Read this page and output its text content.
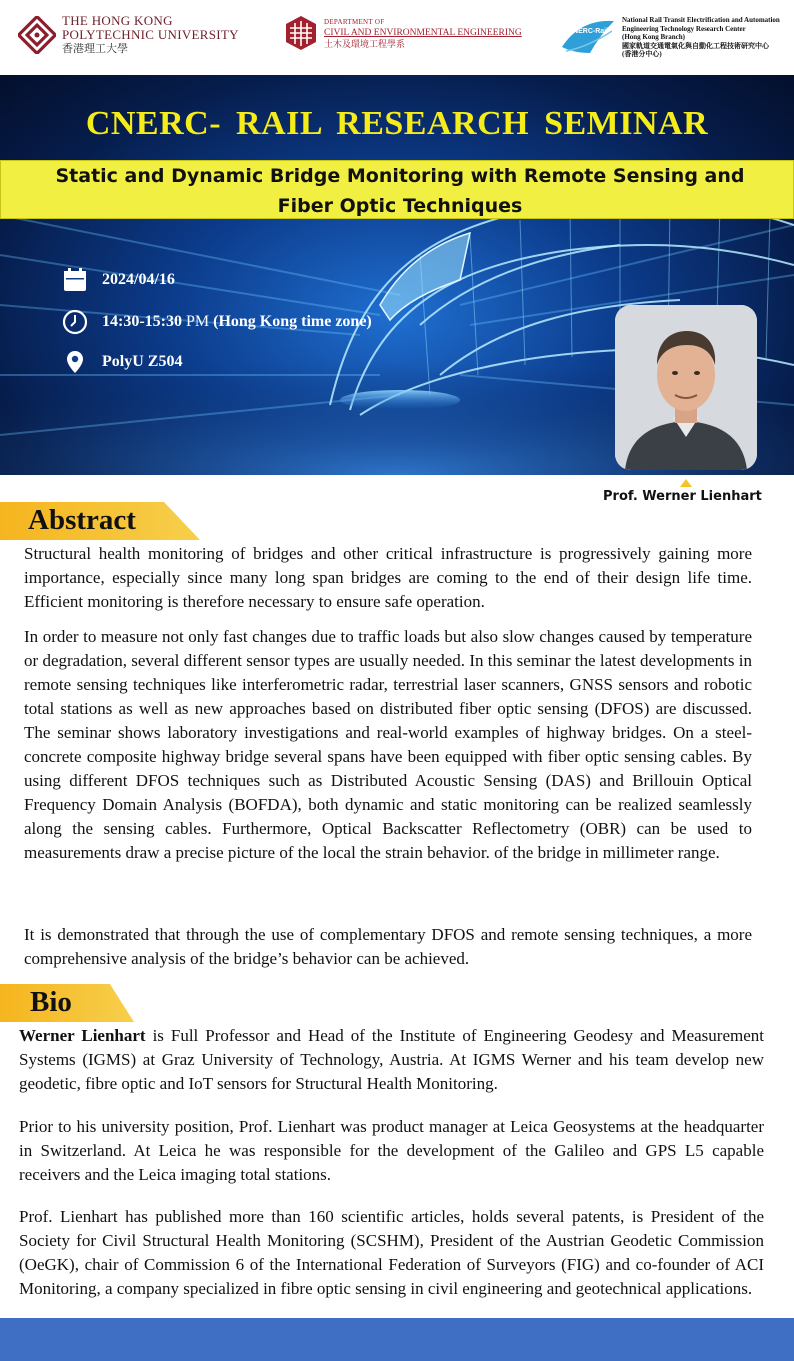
THE HONG KONG
POLYTECHNIC UNIVERSITY
香港理工大學
DEPARTMENT OF
CIVIL AND ENVIRONMENTAL ENGINEERING
土木及環境工程學系
CNERC-Rail
National Rail Transit Electrification and Automation
Engineering Technology Research Center
(Hong Kong Branch)
國家軌道交通電氣化與自動化工程技術研究中心
(香港分中心)
CNERC- RAIL RESEARCH SEMINAR
Static and Dynamic Bridge Monitoring with Remote Sensing and Fiber Optic Techniques
2024/04/16
14:30-15:30 PM (Hong Kong time zone)
PolyU Z504
Prof. Werner Lienhart
Abstract

Structural health monitoring of bridges and other critical infrastructure is progressively gaining more importance, especially since many long span bridges are coming to the end of their design life time. Efficient monitoring is therefore necessary to ensure safe operation.

In order to measure not only fast changes due to traffic loads but also slow changes caused by temperature or degradation, several different sensor types are usually needed. In this seminar the latest developments in remote sensing techniques like interferometric radar, terrestrial laser scanners, GNSS sensors and robotic total stations as well as new approaches based on distributed fiber optic sensing (DFOS) are discussed. The seminar shows laboratory investigations and real-world examples of highway bridges. On a steel-concrete composite highway bridge several spans have been equipped with fiber optic sensing cables. By using different DFOS techniques such as Distributed Acoustic Sensing (DAS) and Brillouin Optical Frequency Domain Analysis (BOFDA), both dynamic and static monitoring can be realized seamlessly along the sensing cables. Furthermore, Optical Backscatter Reflectometry (OBR) can be used to measurements draw a precise picture of the local the strain behavior. of the bridge in millimeter range.

It is demonstrated that through the use of complementary DFOS and remote sensing techniques, a more comprehensive analysis of the bridge’s behavior can be achieved.

Bio

Werner Lienhart is Full Professor and Head of the Institute of Engineering Geodesy and Measurement Systems (IGMS) at Graz University of Technology, Austria. At IGMS Werner and his team develop new geodetic, fibre optic and IoT sensors for Structural Health Monitoring.

Prior to his university position, Prof. Lienhart was product manager at Leica Geosystems at the headquarter in Switzerland. At Leica he was responsible for the development of the Galileo and GPS L5 capable receivers and the Leica imaging total stations.

Prof. Lienhart has published more than 160 scientific articles, holds several patents, is President of the Society for Civil Structural Health Monitoring (SCSHM), President of the Austrian Geodetic Commission (OeGK), chair of Commission 6 of the International Federation of Surveyors (FIG) and co-founder of ACI Monitoring, a company specialized in fibre optic sensing in civil engineering and geotechnical applications.
